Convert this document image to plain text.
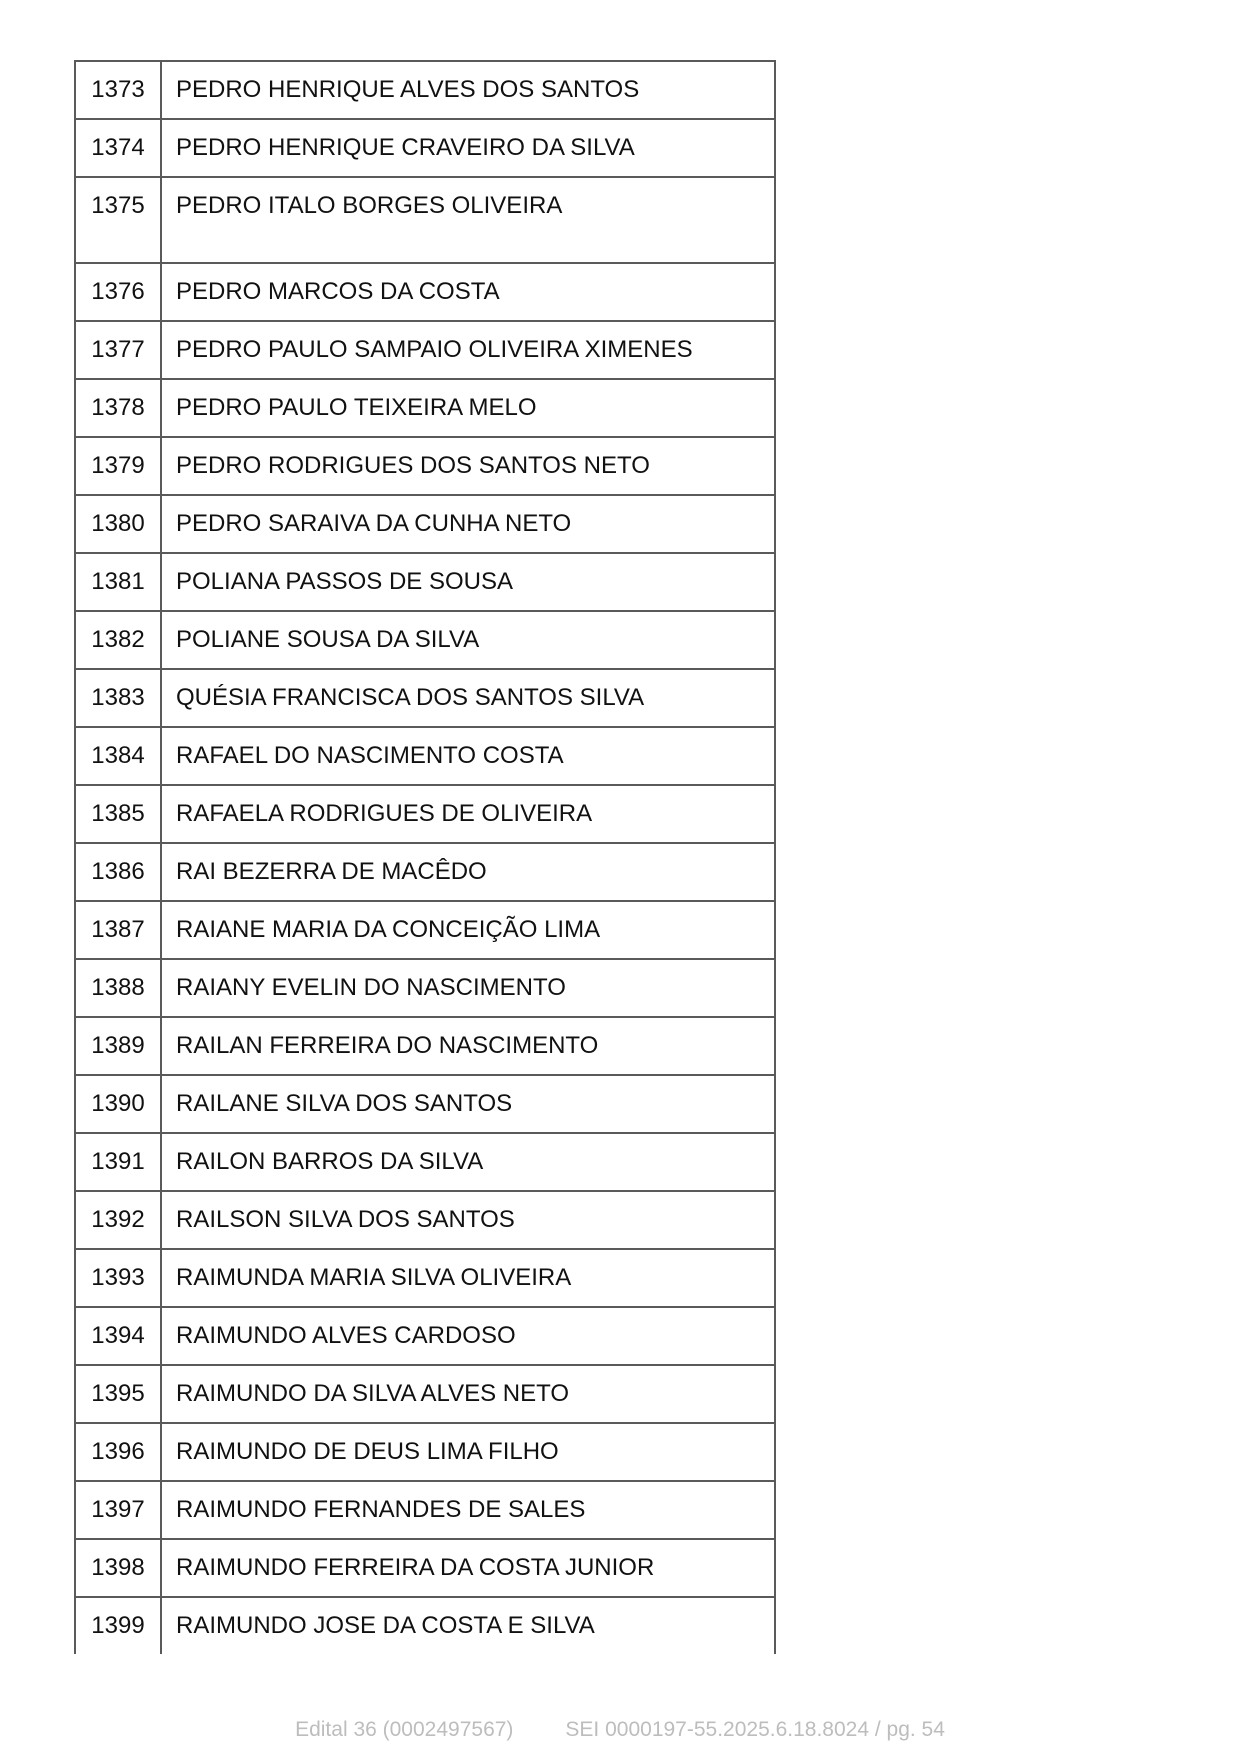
1373	PEDRO HENRIQUE ALVES DOS SANTOS
1374	PEDRO HENRIQUE CRAVEIRO DA SILVA
1375	PEDRO ITALO BORGES OLIVEIRA
1376	PEDRO MARCOS DA COSTA
1377	PEDRO PAULO SAMPAIO OLIVEIRA XIMENES
1378	PEDRO PAULO TEIXEIRA MELO
1379	PEDRO RODRIGUES DOS SANTOS NETO
1380	PEDRO SARAIVA DA CUNHA NETO
1381	POLIANA PASSOS DE SOUSA
1382	POLIANE SOUSA DA SILVA
1383	QUÉSIA FRANCISCA DOS SANTOS SILVA
1384	RAFAEL DO NASCIMENTO COSTA
1385	RAFAELA RODRIGUES DE OLIVEIRA
1386	RAI BEZERRA DE MACÊDO
1387	RAIANE MARIA DA CONCEIÇÃO LIMA
1388	RAIANY EVELIN DO NASCIMENTO
1389	RAILAN FERREIRA DO NASCIMENTO
1390	RAILANE SILVA DOS SANTOS
1391	RAILON BARROS DA SILVA
1392	RAILSON SILVA DOS SANTOS
1393	RAIMUNDA MARIA SILVA OLIVEIRA
1394	RAIMUNDO ALVES CARDOSO
1395	RAIMUNDO DA SILVA ALVES NETO
1396	RAIMUNDO DE DEUS LIMA FILHO
1397	RAIMUNDO FERNANDES DE SALES
1398	RAIMUNDO FERREIRA DA COSTA JUNIOR
1399	RAIMUNDO JOSE DA COSTA E SILVA
Edital 36 (0002497567) SEI 0000197-55.2025.6.18.8024 / pg. 54
